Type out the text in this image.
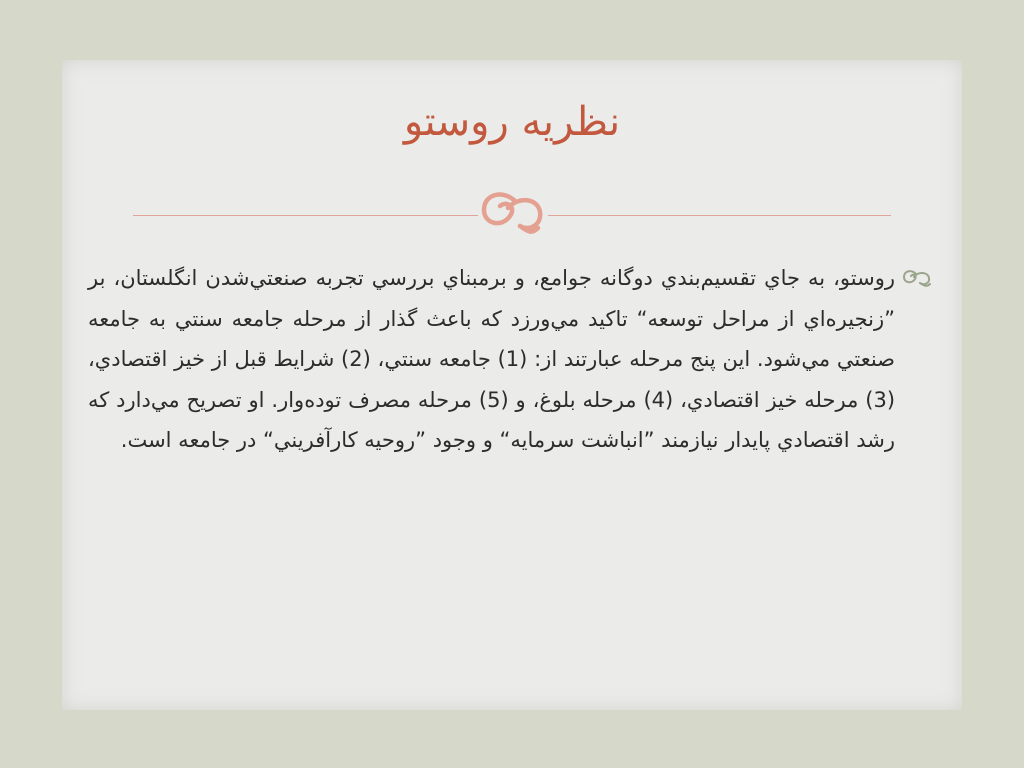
نظريه روستو
روستو، به جاي تقسيم‌بندي دوگانه جوامع، و برمبناي بررسي تجربه صنعتي‌شدن انگلستان، بر ”زنجيره‌اي از مراحل توسعه“ تاكيد مي‌ورزد كه باعث گذار از مرحله جامعه سنتي به جامعه صنعتي مي‌شود. اين پنج مرحله عبارتند از: (1) جامعه سنتي، (2) شرايط قبل از خيز اقتصادي، (3) مرحله خيز اقتصادي، (4) مرحله بلوغ، و (5) مرحله مصرف توده‌وار. او تصريح مي‌دارد كه رشد اقتصادي پايدار نيازمند ”انباشت سرمايه“ و وجود ”روحيه كارآفريني“ در جامعه است.
